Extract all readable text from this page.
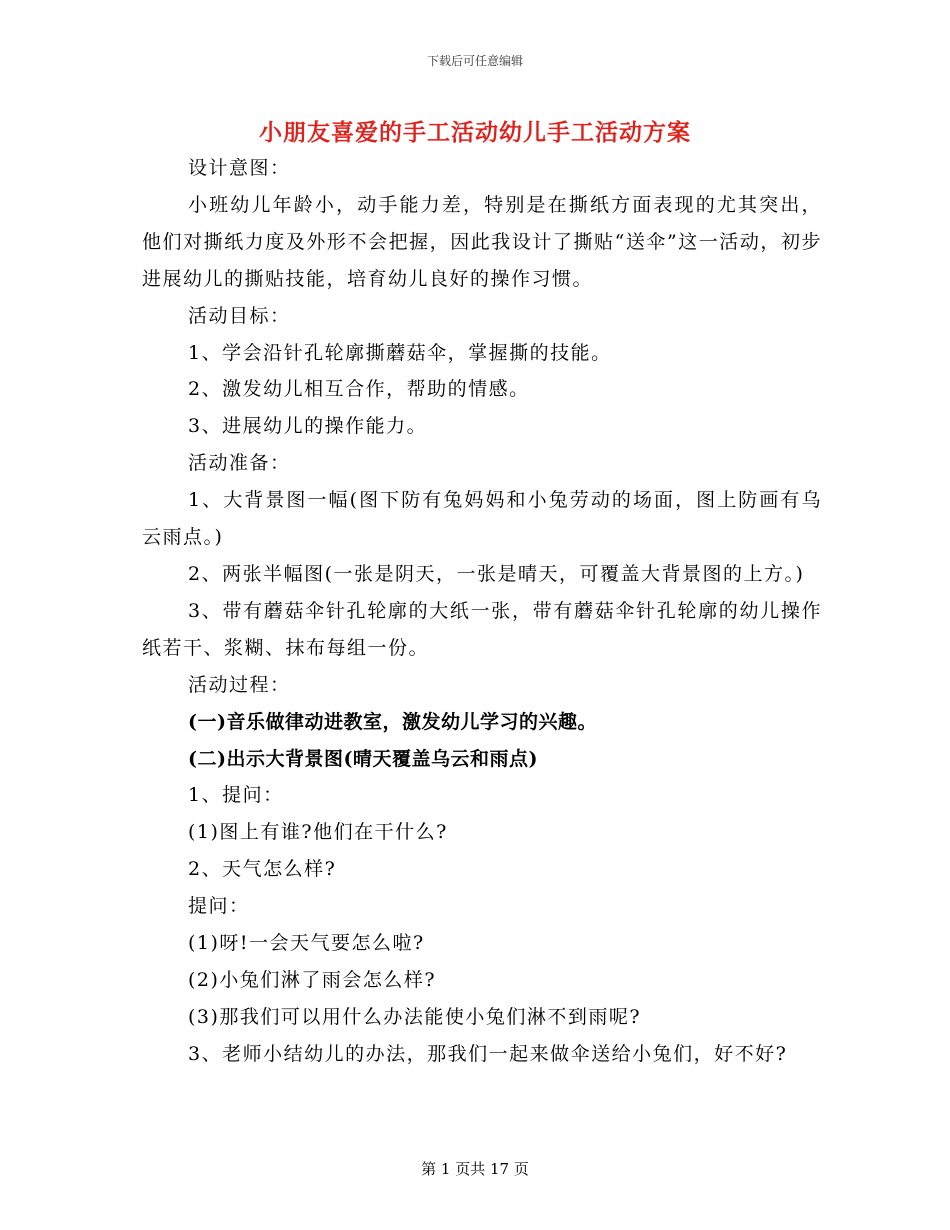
下载后可任意编辑
小朋友喜爱的手工活动幼儿手工活动方案

设计意图：

小班幼儿年龄小，动手能力差，特别是在撕纸方面表现的尤其突出，他们对撕纸力度及外形不会把握，因此我设计了撕贴“送伞”这一活动，初步进展幼儿的撕贴技能，培育幼儿良好的操作习惯。

活动目标：

1、学会沿针孔轮廓撕蘑菇伞，掌握撕的技能。

2、激发幼儿相互合作，帮助的情感。

3、进展幼儿的操作能力。

活动准备：

1、大背景图一幅(图下防有兔妈妈和小兔劳动的场面，图上防画有乌云雨点。)

2、两张半幅图(一张是阴天，一张是晴天，可覆盖大背景图的上方。)

3、带有蘑菇伞针孔轮廓的大纸一张，带有蘑菇伞针孔轮廓的幼儿操作纸若干、浆糊、抹布每组一份。

活动过程：

(一)音乐做律动进教室，激发幼儿学习的兴趣。

(二)出示大背景图(晴天覆盖乌云和雨点)

1、提问：

(1)图上有谁?他们在干什么?

2、天气怎么样?

提问：

(1)呀!一会天气要怎么啦?

(2)小兔们淋了雨会怎么样?

(3)那我们可以用什么办法能使小兔们淋不到雨呢?

3、老师小结幼儿的办法，那我们一起来做伞送给小兔们，好不好?

第 1 页共 17 页
